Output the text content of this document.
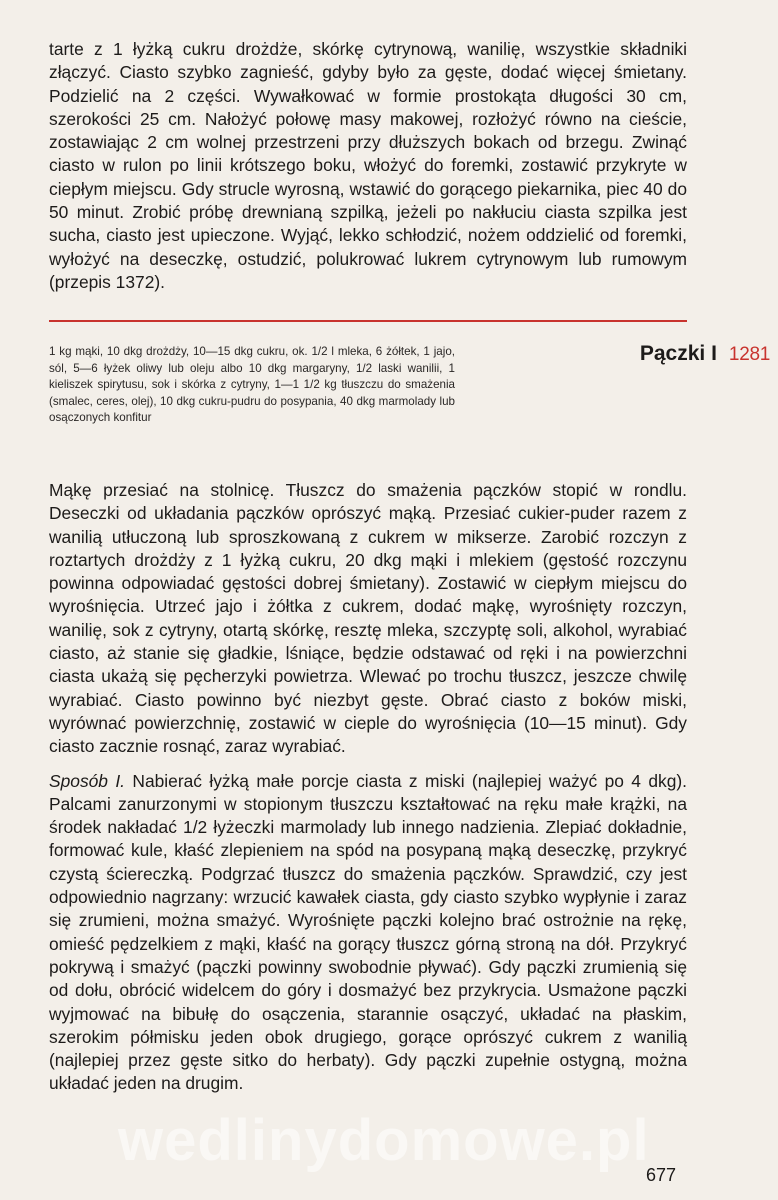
tarte z 1 łyżką cukru drożdże, skórkę cytrynową, wanilię, wszystkie składniki złączyć. Ciasto szybko zagnieść, gdyby było za gęste, dodać więcej śmietany. Podzielić na 2 części. Wywałkować w formie prostokąta długości 30 cm, szerokości 25 cm. Nałożyć połowę masy makowej, rozłożyć równo na cieście, zostawiając 2 cm wolnej przestrzeni przy dłuższych bokach od brzegu. Zwinąć ciasto w rulon po linii krótszego boku, włożyć do foremki, zostawić przykryte w ciepłym miejscu. Gdy strucle wyrosną, wstawić do gorącego piekarnika, piec 40 do 50 minut. Zrobić próbę drewnianą szpilką, jeżeli po nakłuciu ciasta szpilka jest sucha, ciasto jest upieczone. Wyjąć, lekko schłodzić, nożem oddzielić od foremki, wyłożyć na deseczkę, ostudzić, polukrować lukrem cytrynowym lub rumowym (przepis 1372).

1 kg mąki, 10 dkg drożdży, 10—15 dkg cukru, ok. 1/2 l mleka, 6 żółtek, 1 jajo, sól, 5—6 łyżek oliwy lub oleju albo 10 dkg margaryny, 1/2 laski wanilii, 1 kieliszek spirytusu, sok i skórka z cytryny, 1—1 1/2 kg tłuszczu do smażenia (smalec, ceres, olej), 10 dkg cukru-pudru do posypania, 40 dkg marmolady lub osączonych konfitur
Pączki I 1281

Mąkę przesiać na stolnicę. Tłuszcz do smażenia pączków stopić w rondlu. Deseczki od układania pączków oprószyć mąką. Przesiać cukier-puder razem z wanilią utłuczoną lub sproszkowaną z cukrem w mikserze. Zarobić rozczyn z roztartych drożdży z 1 łyżką cukru, 20 dkg mąki i mlekiem (gęstość rozczynu powinna odpowiadać gęstości dobrej śmietany). Zostawić w ciepłym miejscu do wyrośnięcia. Utrzeć jajo i żółtka z cukrem, dodać mąkę, wyrośnięty rozczyn, wanilię, sok z cytryny, otartą skórkę, resztę mleka, szczyptę soli, alkohol, wyrabiać ciasto, aż stanie się gładkie, lśniące, będzie odstawać od ręki i na powierzchni ciasta ukażą się pęcherzyki powietrza. Wlewać po trochu tłuszcz, jeszcze chwilę wyrabiać. Ciasto powinno być niezbyt gęste. Obrać ciasto z boków miski, wyrównać powierzchnię, zostawić w cieple do wyrośnięcia (10—15 minut). Gdy ciasto zacznie rosnąć, zaraz wyrabiać.

Sposób I. Nabierać łyżką małe porcje ciasta z miski (najlepiej ważyć po 4 dkg). Palcami zanurzonymi w stopionym tłuszczu kształtować na ręku małe krążki, na środek nakładać 1/2 łyżeczki marmolady lub innego nadzienia. Zlepiać dokładnie, formować kule, kłaść zlepieniem na spód na posypaną mąką deseczkę, przykryć czystą ściereczką. Podgrzać tłuszcz do smażenia pączków. Sprawdzić, czy jest odpowiednio nagrzany: wrzucić kawałek ciasta, gdy ciasto szybko wypłynie i zaraz się zrumieni, można smażyć. Wyrośnięte pączki kolejno brać ostrożnie na rękę, omieść pędzelkiem z mąki, kłaść na gorący tłuszcz górną stroną na dół. Przykryć pokrywą i smażyć (pączki powinny swobodnie pływać). Gdy pączki zrumienią się od dołu, obrócić widelcem do góry i dosmażyć bez przykrycia. Usmażone pączki wyjmować na bibułę do osączenia, starannie osączyć, układać na płaskim, szerokim półmisku jeden obok drugiego, gorące oprószyć cukrem z wanilią (najlepiej przez gęste sitko do herbaty). Gdy pączki zupełnie ostygną, można układać jeden na drugim.

wedlinydomowe.pl
677
